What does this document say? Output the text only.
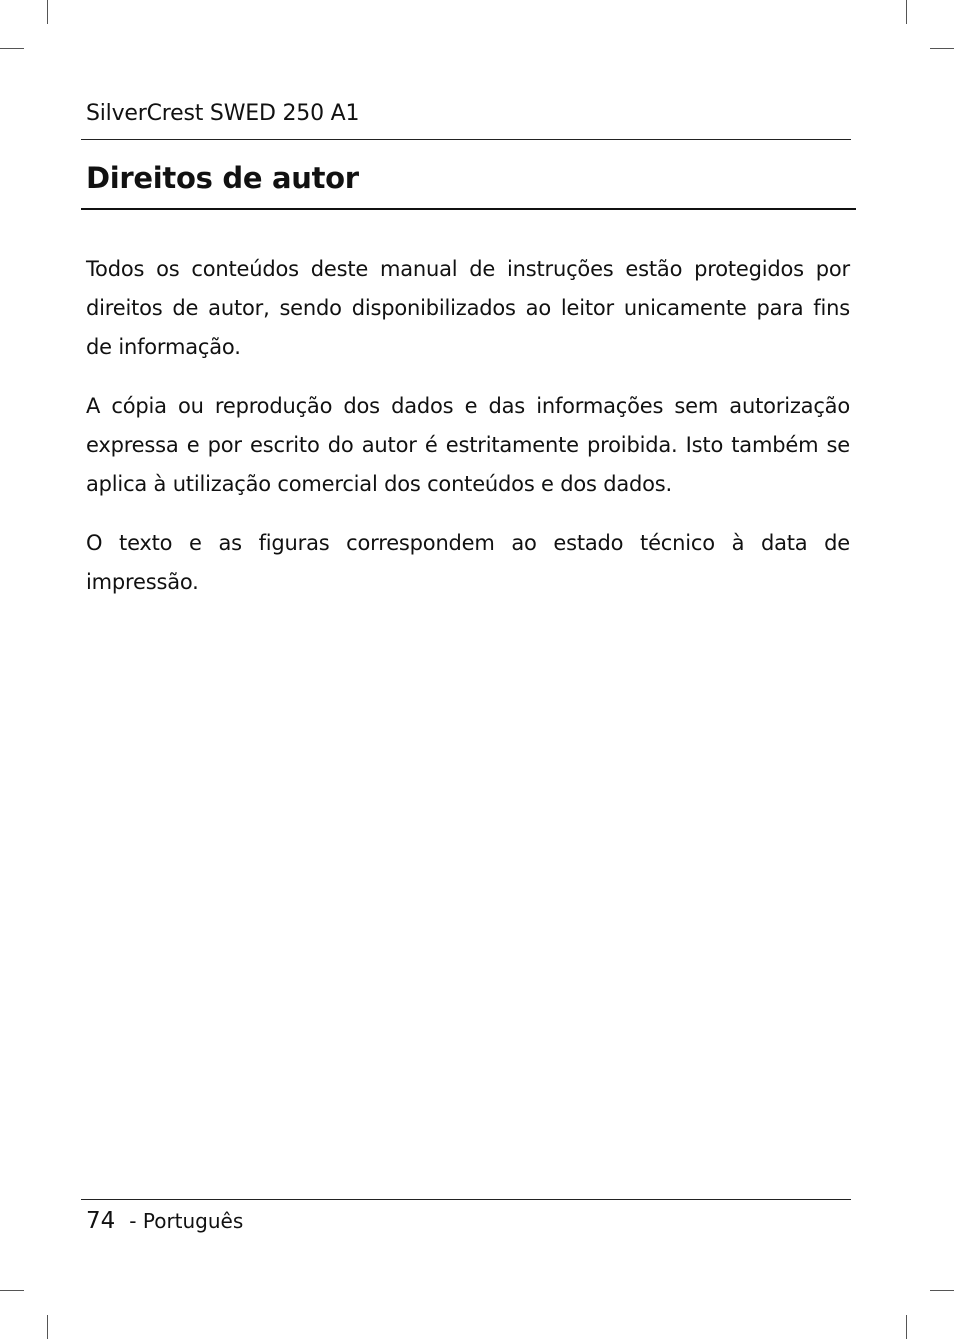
SilverCrest SWED 250 A1
Direitos de autor

Todos os conteúdos deste manual de instruções estão protegidos por direitos de autor, sendo disponibilizados ao leitor unicamente para fins de informação.

A cópia ou reprodução dos dados e das informações sem autorização expressa e por escrito do autor é estritamente proibida. Isto também se aplica à utilização comercial dos conteúdos e dos dados.

O texto e as figuras correspondem ao estado técnico à data de impressão.

74 - Português
